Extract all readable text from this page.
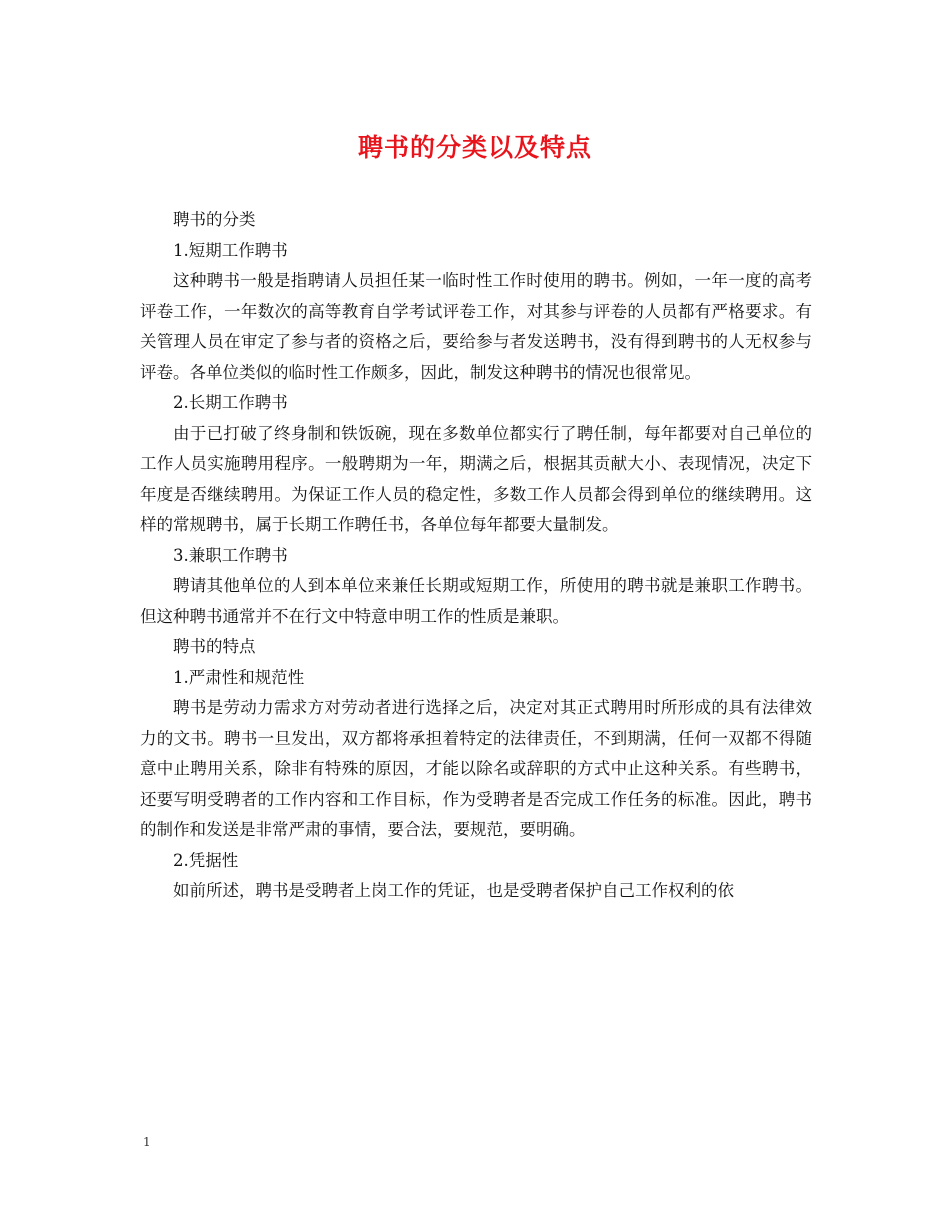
聘书的分类以及特点

聘书的分类

1.短期工作聘书

这种聘书一般是指聘请人员担任某一临时性工作时使用的聘书。例如，一年一度的高考评卷工作，一年数次的高等教育自学考试评卷工作，对其参与评卷的人员都有严格要求。有关管理人员在审定了参与者的资格之后，要给参与者发送聘书，没有得到聘书的人无权参与评卷。各单位类似的临时性工作颇多，因此，制发这种聘书的情况也很常见。

2.长期工作聘书

由于已打破了终身制和铁饭碗，现在多数单位都实行了聘任制，每年都要对自己单位的工作人员实施聘用程序。一般聘期为一年，期满之后，根据其贡献大小、表现情况，决定下年度是否继续聘用。为保证工作人员的稳定性，多数工作人员都会得到单位的继续聘用。这样的常规聘书，属于长期工作聘任书，各单位每年都要大量制发。

3.兼职工作聘书

聘请其他单位的人到本单位来兼任长期或短期工作，所使用的聘书就是兼职工作聘书。但这种聘书通常并不在行文中特意申明工作的性质是兼职。

聘书的特点

1.严肃性和规范性

聘书是劳动力需求方对劳动者进行选择之后，决定对其正式聘用时所形成的具有法律效力的文书。聘书一旦发出，双方都将承担着特定的法律责任，不到期满，任何一双都不得随意中止聘用关系，除非有特殊的原因，才能以除名或辞职的方式中止这种关系。有些聘书，还要写明受聘者的工作内容和工作目标，作为受聘者是否完成工作任务的标准。因此，聘书的制作和发送是非常严肃的事情，要合法，要规范，要明确。

2.凭据性

如前所述，聘书是受聘者上岗工作的凭证，也是受聘者保护自己工作权利的依

1
